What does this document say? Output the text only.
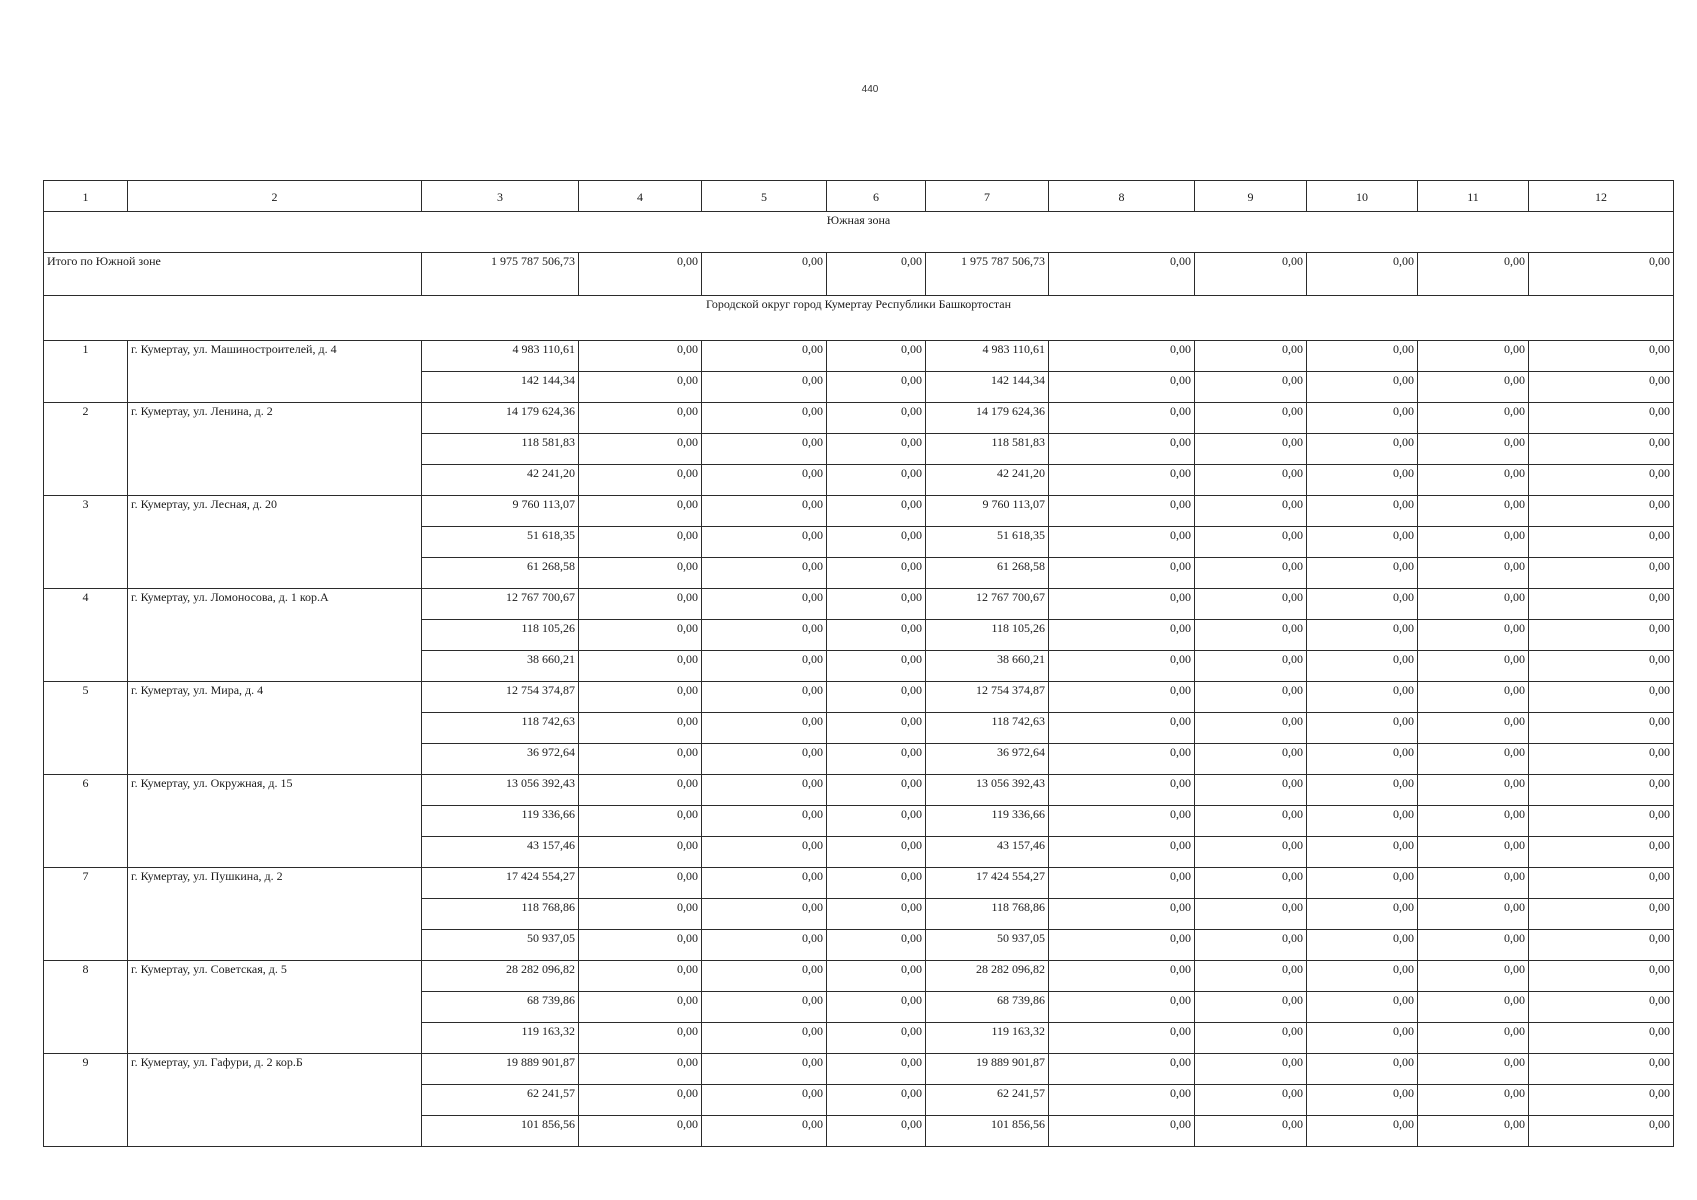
440
1	2	3	4	5	6	7	8	9	10	11	12
Южная зона											
Итого по Южной зоне		1 975 787 506,73	0,00	0,00	0,00	1 975 787 506,73	0,00	0,00	0,00	0,00	0,00
Городской округ город Кумертау Республики Башкортостан											
1	г. Кумертау, ул. Машиностроителей, д. 4	4 983 110,61	0,00	0,00	0,00	4 983 110,61	0,00	0,00	0,00	0,00	0,00
		142 144,34	0,00	0,00	0,00	142 144,34	0,00	0,00	0,00	0,00	0,00
2	г. Кумертау, ул. Ленина, д. 2	14 179 624,36	0,00	0,00	0,00	14 179 624,36	0,00	0,00	0,00	0,00	0,00
		118 581,83	0,00	0,00	0,00	118 581,83	0,00	0,00	0,00	0,00	0,00
		42 241,20	0,00	0,00	0,00	42 241,20	0,00	0,00	0,00	0,00	0,00
3	г. Кумертау, ул. Лесная, д. 20	9 760 113,07	0,00	0,00	0,00	9 760 113,07	0,00	0,00	0,00	0,00	0,00
		51 618,35	0,00	0,00	0,00	51 618,35	0,00	0,00	0,00	0,00	0,00
		61 268,58	0,00	0,00	0,00	61 268,58	0,00	0,00	0,00	0,00	0,00
4	г. Кумертау, ул. Ломоносова, д. 1 кор.А	12 767 700,67	0,00	0,00	0,00	12 767 700,67	0,00	0,00	0,00	0,00	0,00
		118 105,26	0,00	0,00	0,00	118 105,26	0,00	0,00	0,00	0,00	0,00
		38 660,21	0,00	0,00	0,00	38 660,21	0,00	0,00	0,00	0,00	0,00
5	г. Кумертау, ул. Мира, д. 4	12 754 374,87	0,00	0,00	0,00	12 754 374,87	0,00	0,00	0,00	0,00	0,00
		118 742,63	0,00	0,00	0,00	118 742,63	0,00	0,00	0,00	0,00	0,00
		36 972,64	0,00	0,00	0,00	36 972,64	0,00	0,00	0,00	0,00	0,00
6	г. Кумертау, ул. Окружная, д. 15	13 056 392,43	0,00	0,00	0,00	13 056 392,43	0,00	0,00	0,00	0,00	0,00
		119 336,66	0,00	0,00	0,00	119 336,66	0,00	0,00	0,00	0,00	0,00
		43 157,46	0,00	0,00	0,00	43 157,46	0,00	0,00	0,00	0,00	0,00
7	г. Кумертау, ул. Пушкина, д. 2	17 424 554,27	0,00	0,00	0,00	17 424 554,27	0,00	0,00	0,00	0,00	0,00
		118 768,86	0,00	0,00	0,00	118 768,86	0,00	0,00	0,00	0,00	0,00
		50 937,05	0,00	0,00	0,00	50 937,05	0,00	0,00	0,00	0,00	0,00
8	г. Кумертау, ул. Советская, д. 5	28 282 096,82	0,00	0,00	0,00	28 282 096,82	0,00	0,00	0,00	0,00	0,00
		68 739,86	0,00	0,00	0,00	68 739,86	0,00	0,00	0,00	0,00	0,00
		119 163,32	0,00	0,00	0,00	119 163,32	0,00	0,00	0,00	0,00	0,00
9	г. Кумертау, ул. Гафури, д. 2 кор.Б	19 889 901,87	0,00	0,00	0,00	19 889 901,87	0,00	0,00	0,00	0,00	0,00
		62 241,57	0,00	0,00	0,00	62 241,57	0,00	0,00	0,00	0,00	0,00
		101 856,56	0,00	0,00	0,00	101 856,56	0,00	0,00	0,00	0,00	0,00
